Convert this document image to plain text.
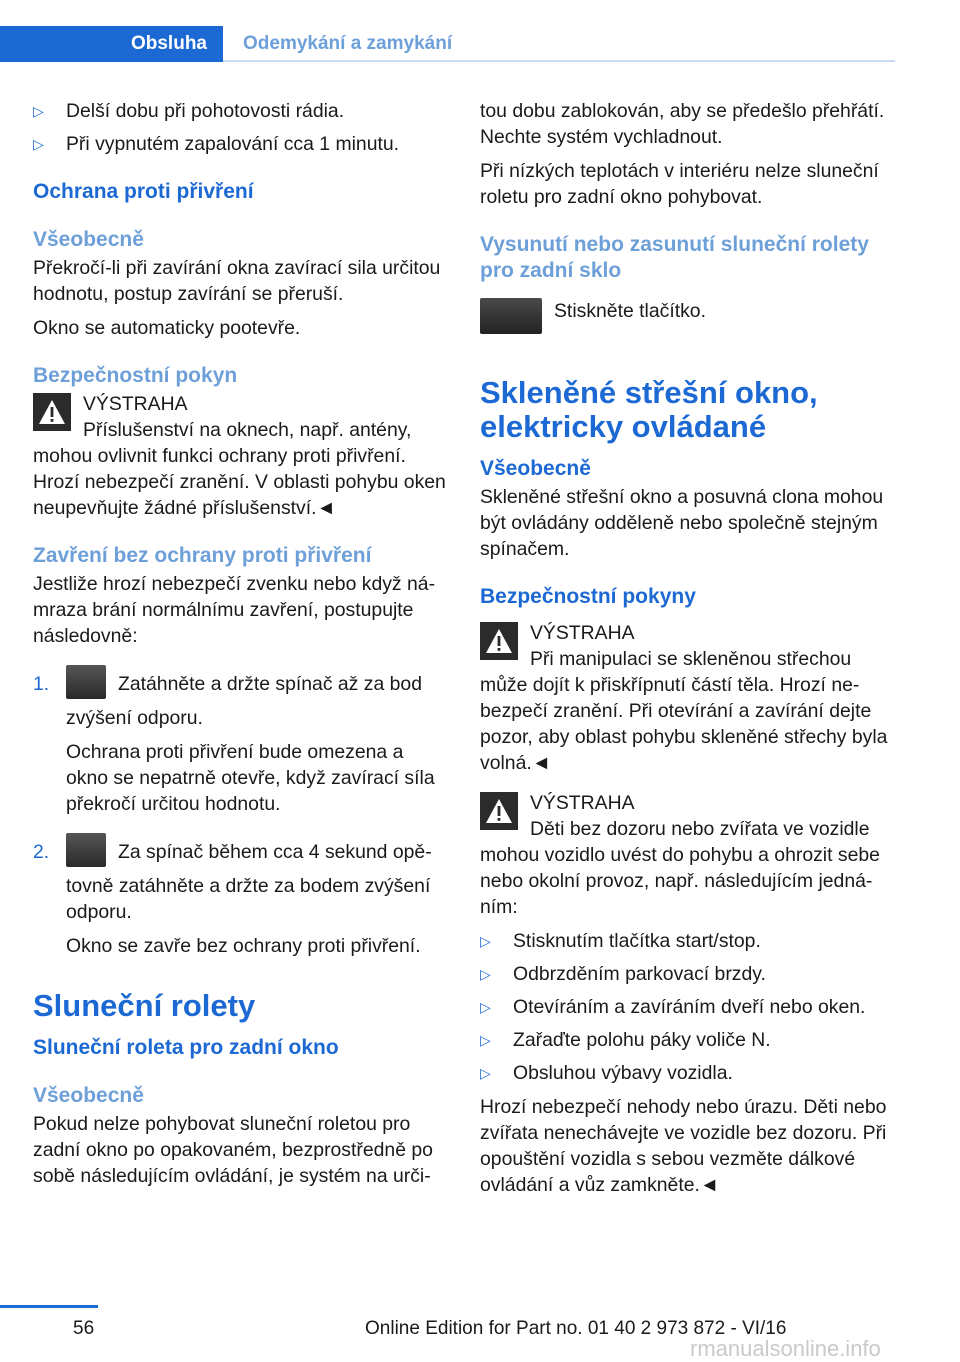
Obsluha	Odemykání a zamykání
▷ Delší dobu při pohotovosti rádia.
▷ Při vypnutém zapalování cca 1 minutu.
Ochrana proti přivření
Všeobecně

Překročí-li při zavírání okna zavírací sila určitou hodnotu, postup zavírání se přeruší.

Okno se automaticky pootevře.

Bezpečnostní pokyn
VÝSTRAHA
Příslušenství na oknech, např. antény,
mohou ovlivnit funkci ochrany proti přivření. Hrozí nebezpečí zranění. V oblasti pohybu oken neupevňujte žádné příslušenství.◄
Zavření bez ochrany proti přivření

Jestliže hrozí nebezpečí zvenku nebo když ná- mraza brání normálnímu zavření, postupujte následovně:

1.	Zatáhněte a držte spínač až za bod zvýšení odporu.

Ochrana proti přivření bude omezena a okno se nepatrně otevře, když zavírací síla překročí určitou hodnotu.

2.	Za spínač během cca 4 sekund opě- tovně zatáhněte a držte za bodem zvýšení odporu.

Okno se zavře bez ochrany proti přivření.

Sluneční rolety
Sluneční roleta pro zadní okno
Všeobecně

Pokud nelze pohybovat sluneční roletou pro zadní okno po opakovaném, bezprostředně po sobě následujícím ovládání, je systém na urči-

tou dobu zablokován, aby se předešlo přehřátí. Nechte systém vychladnout.

Při nízkých teplotách v interiéru nelze sluneční roletu pro zadní okno pohybovat.

Vysunutí nebo zasunutí sluneční rolety pro zadní sklo

Stiskněte tlačítko.

Skleněné střešní okno, elektricky ovládané
Všeobecně

Skleněné střešní okno a posuvná clona mohou být ovládány odděleně nebo společně stejným spínačem.

Bezpečnostní pokyny
VÝSTRAHA
Při manipulaci se skleněnou střechou
může dojít k přiskřípnutí částí těla. Hrozí ne- bezpečí zranění. Při otevírání a zavírání dejte pozor, aby oblast pohybu skleněné střechy byla volná.◄
VÝSTRAHA
Děti bez dozoru nebo zvířata ve vozidle
mohou vozidlo uvést do pohybu a ohrozit sebe nebo okolní provoz, např. následujícím jedná- ním:
▷ Stisknutím tlačítka start/stop.
▷ Odbrzděním parkovací brzdy.
▷ Otevíráním a zavíráním dveří nebo oken.
▷ Zařaďte polohu páky voliče N.
▷ Obsluhou výbavy vozidla.

Hrozí nebezpečí nehody nebo úrazu. Děti nebo zvířata nenechávejte ve vozidle bez dozoru. Při opouštění vozidla s sebou vezměte dálkové ovládání a vůz zamkněte.◄

56	Online Edition for Part no. 01 40 2 973 872 - VI/16
rmanualsonline.info
